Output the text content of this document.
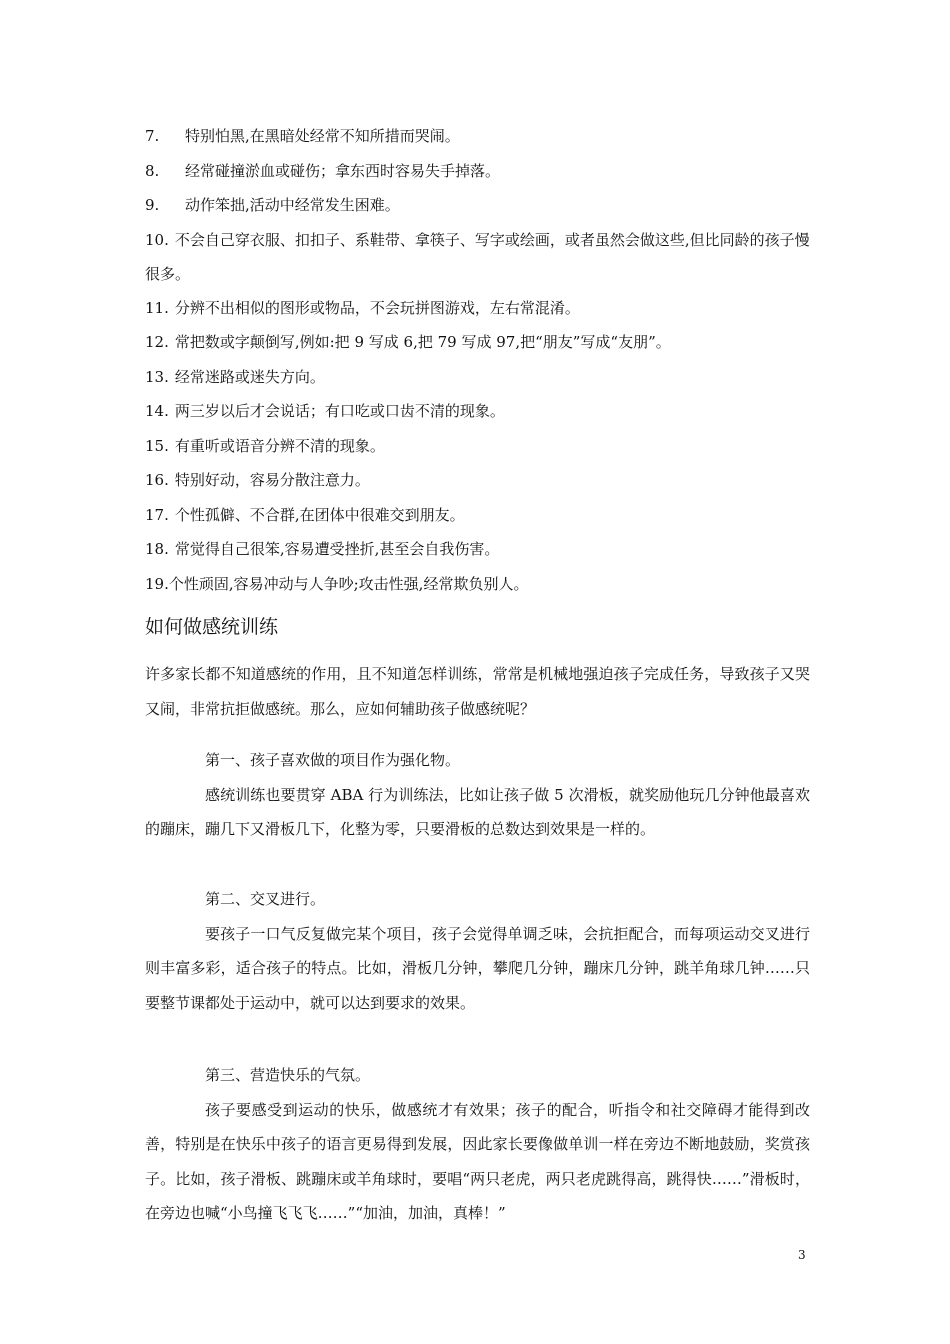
7. 特别怕黑,在黑暗处经常不知所措而哭闹。
8. 经常碰撞淤血或碰伤；拿东西时容易失手掉落。
9. 动作笨拙,活动中经常发生困难。
10. 不会自己穿衣服、扣扣子、系鞋带、拿筷子、写字或绘画，或者虽然会做这些,但比同龄的孩子慢很多。
11. 分辨不出相似的图形或物品，不会玩拼图游戏，左右常混淆。
12. 常把数或字颠倒写,例如:把 9 写成 6,把 79 写成 97,把“朋友”写成“友朋”。
13. 经常迷路或迷失方向。
14. 两三岁以后才会说话；有口吃或口齿不清的现象。
15. 有重听或语音分辨不清的现象。
16. 特别好动，容易分散注意力。
17. 个性孤僻、不合群,在团体中很难交到朋友。
18. 常觉得自己很笨,容易遭受挫折,甚至会自我伤害。
19.个性顽固,容易冲动与人争吵;攻击性强,经常欺负别人。
如何做感统训练
许多家长都不知道感统的作用，且不知道怎样训练，常常是机械地强迫孩子完成任务，导致孩子又哭又闹，非常抗拒做感统。那么，应如何辅助孩子做感统呢？

第一、孩子喜欢做的项目作为强化物。

感统训练也要贯穿 ABA 行为训练法，比如让孩子做 5 次滑板，就奖励他玩几分钟他最喜欢的蹦床，蹦几下又滑板几下，化整为零，只要滑板的总数达到效果是一样的。

第二、交叉进行。

要孩子一口气反复做完某个项目，孩子会觉得单调乏味，会抗拒配合，而每项运动交叉进行则丰富多彩，适合孩子的特点。比如，滑板几分钟，攀爬几分钟，蹦床几分钟，跳羊角球几钟……只要整节课都处于运动中，就可以达到要求的效果。

第三、营造快乐的气氛。

孩子要感受到运动的快乐，做感统才有效果；孩子的配合，听指令和社交障碍才能得到改善，特别是在快乐中孩子的语言更易得到发展，因此家长要像做单训一样在旁边不断地鼓励，奖赏孩子。比如，孩子滑板、跳蹦床或羊角球时，要唱“两只老虎，两只老虎跳得高，跳得快……”滑板时，在旁边也喊“小鸟撞飞飞飞……”“加油，加油，真棒！”

3
